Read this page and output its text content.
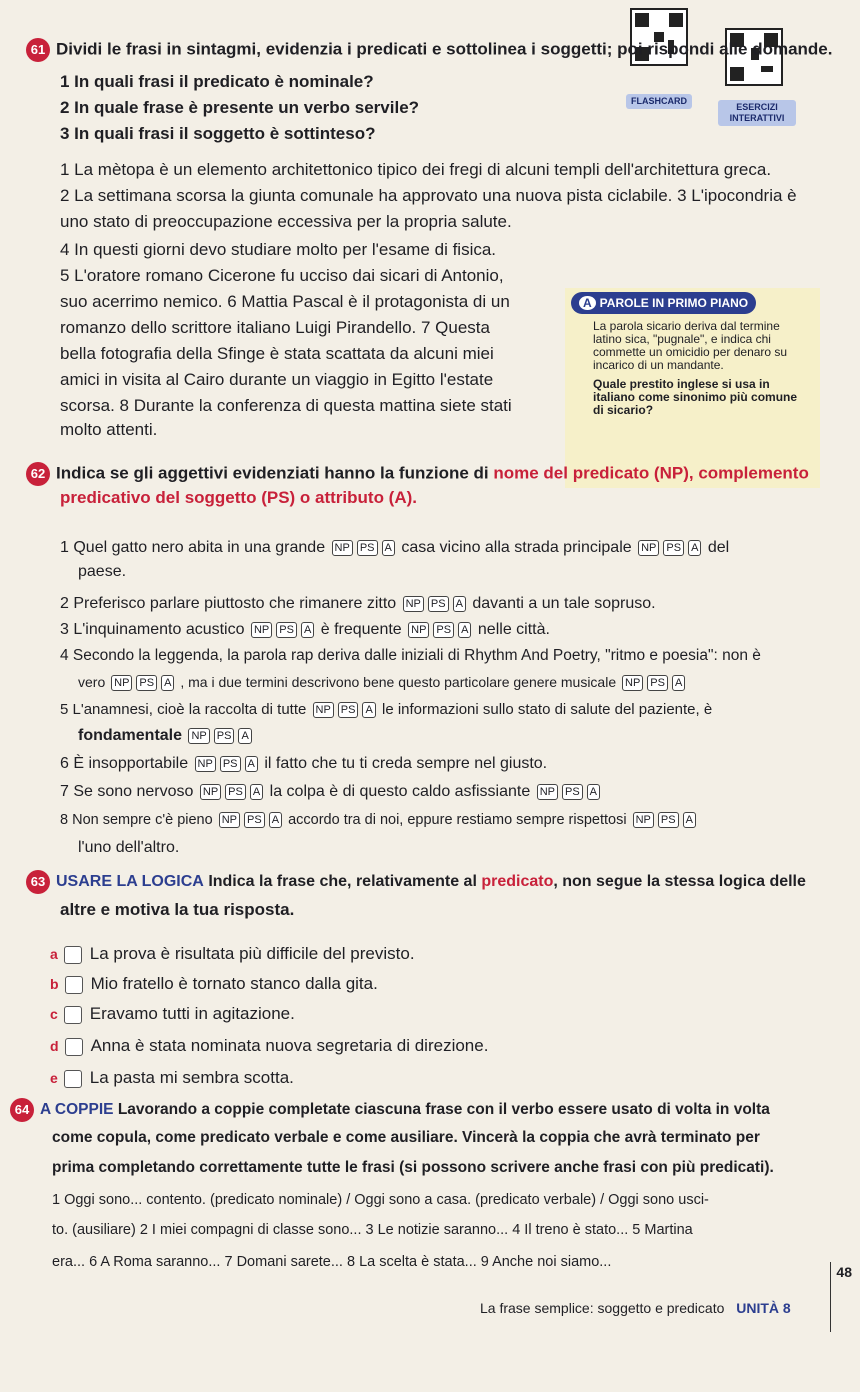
FLASHCARD
ESERCIZI
INTERATTIVI
61 Dividi le frasi in sintagmi, evidenzia i predicati e sottolinea i soggetti; poi rispondi alle domande.
1 In quali frasi il predicato è nominale?
2 In quale frase è presente un verbo servile?
3 In quali frasi il soggetto è sottinteso?
1 La mètopa è un elemento architettonico tipico dei fregi di alcuni templi dell'architettura greca.
2 La settimana scorsa la giunta comunale ha approvato una nuova pista ciclabile. 3 L'ipocondria è
uno stato di preoccupazione eccessiva per la propria salute.
4 In questi giorni devo studiare molto per l'esame di fisica.
5 L'oratore romano Cicerone fu ucciso dai sicari di Antonio,
suo acerrimo nemico. 6 Mattia Pascal è il protagonista di un
romanzo dello scrittore italiano Luigi Pirandello. 7 Questa
bella fotografia della Sfinge è stata scattata da alcuni miei
amici in visita al Cairo durante un viaggio in Egitto l'estate
scorsa. 8 Durante la conferenza di questa mattina siete stati
molto attenti.
A PAROLE IN PRIMO PIANO

La parola sicario deriva dal termine latino sica, "pugnale", e indica chi commette un omicidio per denaro su incarico di un mandante.

Quale prestito inglese si usa in italiano come sinonimo più comune di sicario?

62 Indica se gli aggettivi evidenziati hanno la funzione di nome del predicato (NP), complemento
predicativo del soggetto (PS) o attributo (A).
1 Quel gatto nero abita in una grande NP PS A casa vicino alla strada principale NP PS A del
paese.
2 Preferisco parlare piuttosto che rimanere zitto NP PS A davanti a un tale sopruso.
3 L'inquinamento acustico NP PS A è frequente NP PS A nelle città.
4 Secondo la leggenda, la parola rap deriva dalle iniziali di Rhythm And Poetry, "ritmo e poesia": non è
vero NP PS A , ma i due termini descrivono bene questo particolare genere musicale NP PS A
5 L'anamnesi, cioè la raccolta di tutte NP PS A le informazioni sullo stato di salute del paziente, è
fondamentale NP PS A
6 È insopportabile NP PS A il fatto che tu ti creda sempre nel giusto.
7 Se sono nervoso NP PS A la colpa è di questo caldo asfissiante NP PS A
8 Non sempre c'è pieno NP PS A accordo tra di noi, eppure restiamo sempre rispettosi NP PS A
l'uno dell'altro.
63 USARE LA LOGICA Indica la frase che, relativamente al predicato, non segue la stessa logica delle
altre e motiva la tua risposta.
a La prova è risultata più difficile del previsto.
b Mio fratello è tornato stanco dalla gita.
c Eravamo tutti in agitazione.
d Anna è stata nominata nuova segretaria di direzione.
e La pasta mi sembra scotta.
64 A COPPIE Lavorando a coppie completate ciascuna frase con il verbo essere usato di volta in volta
come copula, come predicato verbale e come ausiliare. Vincerà la coppia che avrà terminato per
prima completando correttamente tutte le frasi (si possono scrivere anche frasi con più predicati).
1 Oggi sono... contento. (predicato nominale) / Oggi sono a casa. (predicato verbale) / Oggi sono usci-
to. (ausiliare) 2 I miei compagni di classe sono... 3 Le notizie saranno... 4 Il treno è stato... 5 Martina
era... 6 A Roma saranno... 7 Domani sarete... 8 La scelta è stata... 9 Anche noi siamo...
La frase semplice: soggetto e predicato UNITÀ 8
48
